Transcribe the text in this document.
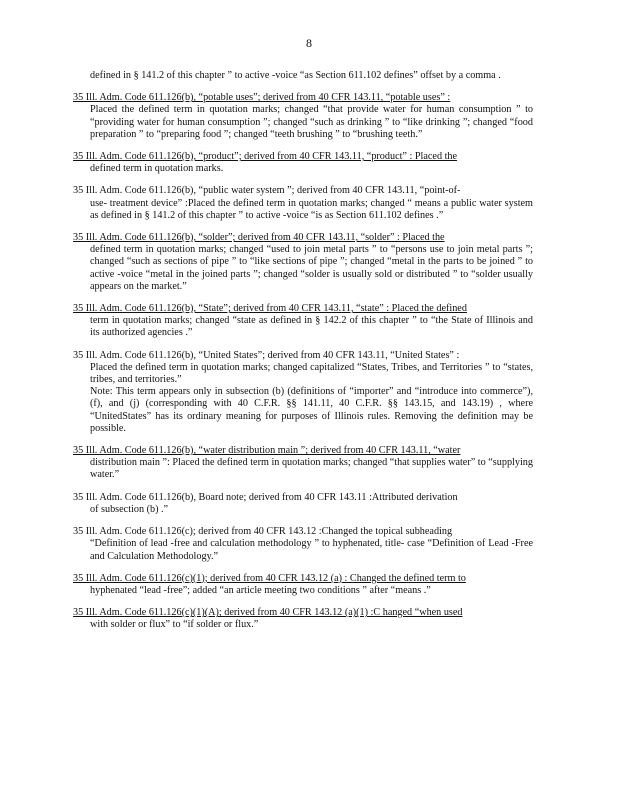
8
defined in § 141.2 of this chapter ” to active -voice “as Section 611.102 defines” offset by a comma .
35 Ill. Adm. Code 611.126(b), “potable uses”; derived from 40 CFR 143.11, “potable uses” :
Placed the defined term in quotation marks; changed “that provide water for human consumption ” to “providing water for human consumption ”; changed “such as drinking ” to “like drinking ”; changed “food preparation ” to “preparing food ”; changed “teeth brushing ” to “brushing teeth.”
35 Ill. Adm. Code 611.126(b), “product”; derived from 40 CFR 143.11, “product” : Placed the
defined term in quotation marks.
35 Ill. Adm. Code 611.126(b), “public water system ”; derived from 40 CFR 143.11, “point-of-
use- treatment device” :Placed the defined term in quotation marks; changed “ means a public water system as defined in § 141.2 of this chapter ” to active -voice “is as Section 611.102 defines .”
35 Ill. Adm. Code 611.126(b), “solder”; derived from 40 CFR 143.11, “solder” : Placed the
defined term in quotation marks; changed “used to join metal parts ” to “persons use to join metal parts ”; changed “such as sections of pipe ” to “like sections of pipe ”; changed “metal in the parts to be joined ” to active -voice “metal in the joined parts ”; changed “solder is usually sold or distributed ” to “solder usually appears on the market.”
35 Ill. Adm. Code 611.126(b), “State”; derived from 40 CFR 143.11, “state” : Placed the defined
term in quotation marks; changed “state as defined in § 142.2 of this chapter ” to “the State of Illinois and its authorized agencies .”
35 Ill. Adm. Code 611.126(b), “United States”; derived from 40 CFR 143.11, “United States” :
Placed the defined term in quotation marks; changed capitalized “States, Tribes, and Territories ” to “states, tribes, and territories.”
Note: This term appears only in subsection (b) (definitions of “importer” and “introduce into commerce”), (f), and (j) (corresponding with 40 C.F.R. §§ 141.11, 40 C.F.R. §§ 143.15, and 143.19) , where “UnitedStates” has its ordinary meaning for purposes of Illinois rules. Removing the definition may be possible.
35 Ill. Adm. Code 611.126(b), “water distribution main ”; derived from 40 CFR 143.11, “water
distribution main ”: Placed the defined term in quotation marks; changed “that supplies water” to “supplying water.”
35 Ill. Adm. Code 611.126(b), Board note; derived from 40 CFR 143.11 :Attributed derivation
of subsection (b) .”
35 Ill. Adm. Code 611.126(c); derived from 40 CFR 143.12 :Changed the topical subheading
“Definition of lead -free and calculation methodology ” to hyphenated, title- case “Definition of Lead -Free and Calculation Methodology.”
35 Ill. Adm. Code 611.126(c)(1); derived from 40 CFR 143.12 (a) : Changed the defined term to
hyphenated “lead -free”; added “an article meeting two conditions ” after “means .”
35 Ill. Adm. Code 611.126(c)(1)(A); derived from 40 CFR 143.12 (a)(1) :C hanged “when used
with solder or flux” to “if solder or flux.”
